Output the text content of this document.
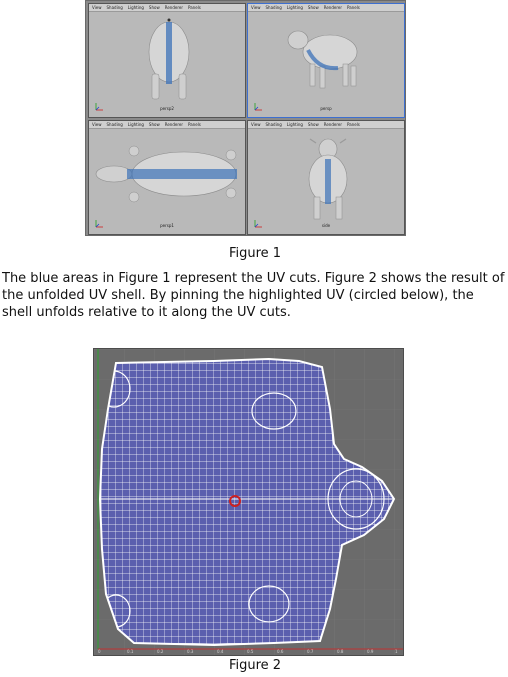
View Shading Lighting Show Renderer Panels
persp2
View Shading Lighting Show Renderer Panels
persp
View Shading Lighting Show Renderer Panels
persp1
View Shading Lighting Show Renderer Panels
side
Figure 1
The blue areas in Figure 1 represent the UV cuts. Figure 2 shows the result of the unfolded UV shell. By pinning the highlighted UV (circled below), the shell unfolds relative to it along the UV cuts.
0	0.1	0.2	0.3	0.4	0.5	0.6	0.7	0.8	0.9	1
Figure 2
